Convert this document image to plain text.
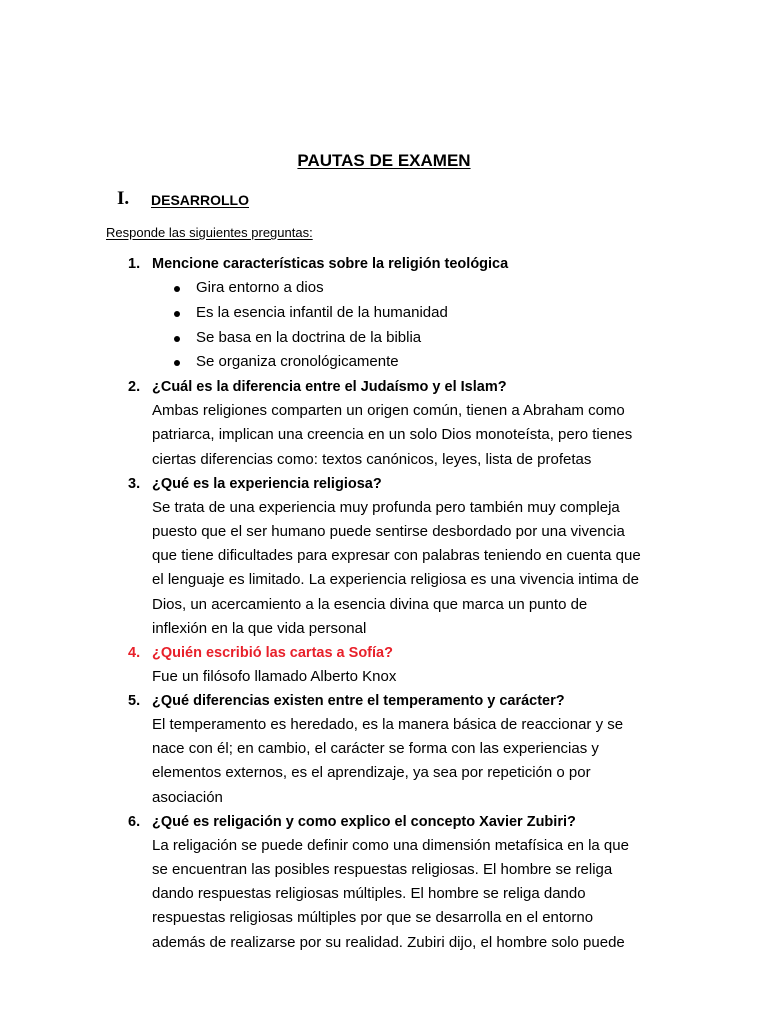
PAUTAS DE EXAMEN
I. DESARROLLO
Responde las siguientes preguntas:
1. Mencione características sobre la religión teológica
Gira entorno a dios
Es la esencia infantil de la humanidad
Se basa en la doctrina de la biblia
Se organiza cronológicamente
2. ¿Cuál es la diferencia entre el Judaísmo y el Islam?
Ambas religiones comparten un origen común, tienen a Abraham como
patriarca, implican una creencia en un solo Dios monoteísta, pero tienes
ciertas diferencias como: textos canónicos, leyes, lista de profetas
3. ¿Qué es la experiencia religiosa?
Se trata de una experiencia muy profunda pero también muy compleja
puesto que el ser humano puede sentirse desbordado por una vivencia
que tiene dificultades para expresar con palabras teniendo en cuenta que
el lenguaje es limitado. La experiencia religiosa es una vivencia intima de
Dios, un acercamiento a la esencia divina que marca un punto de
inflexión en la que vida personal
4. ¿Quién escribió las cartas a Sofía?
Fue un filósofo llamado Alberto Knox
5. ¿Qué diferencias existen entre el temperamento y carácter?
El temperamento es heredado, es la manera básica de reaccionar y se
nace con él; en cambio, el carácter se forma con las experiencias y
elementos externos, es el aprendizaje, ya sea por repetición o por
asociación
6. ¿Qué es religación y como explico el concepto Xavier Zubiri?
La religación se puede definir como una dimensión metafísica en la que
se encuentran las posibles respuestas religiosas. El hombre se religa
dando respuestas religiosas múltiples. El hombre se religa dando
respuestas religiosas múltiples por que se desarrolla en el entorno
además de realizarse por su realidad. Zubiri dijo, el hombre solo puede
